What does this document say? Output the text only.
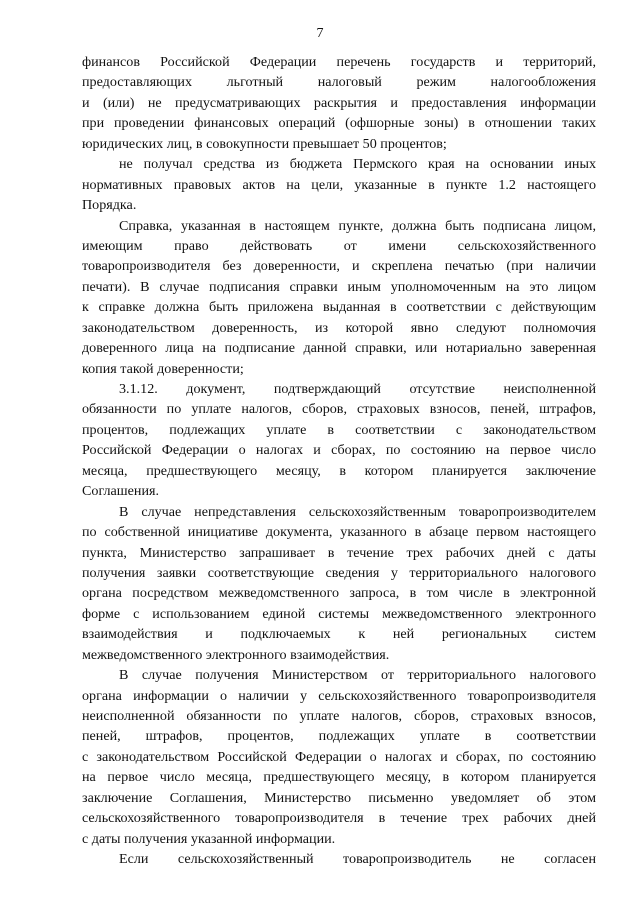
7
финансов Российской Федерации перечень государств и территорий,
предоставляющих льготный налоговый режим налогообложения
и (или) не предусматривающих раскрытия и предоставления информации
при проведении финансовых операций (офшорные зоны) в отношении таких
юридических лиц, в совокупности превышает 50 процентов;
не получал средства из бюджета Пермского края на основании иных
нормативных правовых актов на цели, указанные в пункте 1.2 настоящего
Порядка.
Справка, указанная в настоящем пункте, должна быть подписана лицом,
имеющим право действовать от имени сельскохозяйственного
товаропроизводителя без доверенности, и скреплена печатью (при наличии
печати). В случае подписания справки иным уполномоченным на это лицом
к справке должна быть приложена выданная в соответствии с действующим
законодательством доверенность, из которой явно следуют полномочия
доверенного лица на подписание данной справки, или нотариально заверенная
копия такой доверенности;
3.1.12. документ, подтверждающий отсутствие неисполненной
обязанности по уплате налогов, сборов, страховых взносов, пеней, штрафов,
процентов, подлежащих уплате в соответствии с законодательством
Российской Федерации о налогах и сборах, по состоянию на первое число
месяца, предшествующего месяцу, в котором планируется заключение
Соглашения.
В случае непредставления сельскохозяйственным товаропроизводителем
по собственной инициативе документа, указанного в абзаце первом настоящего
пункта, Министерство запрашивает в течение трех рабочих дней с даты
получения заявки соответствующие сведения у территориального налогового
органа посредством межведомственного запроса, в том числе в электронной
форме с использованием единой системы межведомственного электронного
взаимодействия и подключаемых к ней региональных систем
межведомственного электронного взаимодействия.
В случае получения Министерством от территориального налогового
органа информации о наличии у сельскохозяйственного товаропроизводителя
неисполненной обязанности по уплате налогов, сборов, страховых взносов,
пеней, штрафов, процентов, подлежащих уплате в соответствии
с законодательством Российской Федерации о налогах и сборах, по состоянию
на первое число месяца, предшествующего месяцу, в котором планируется
заключение Соглашения, Министерство письменно уведомляет об этом
сельскохозяйственного товаропроизводителя в течение трех рабочих дней
с даты получения указанной информации.
Если сельскохозяйственный товаропроизводитель не согласен
